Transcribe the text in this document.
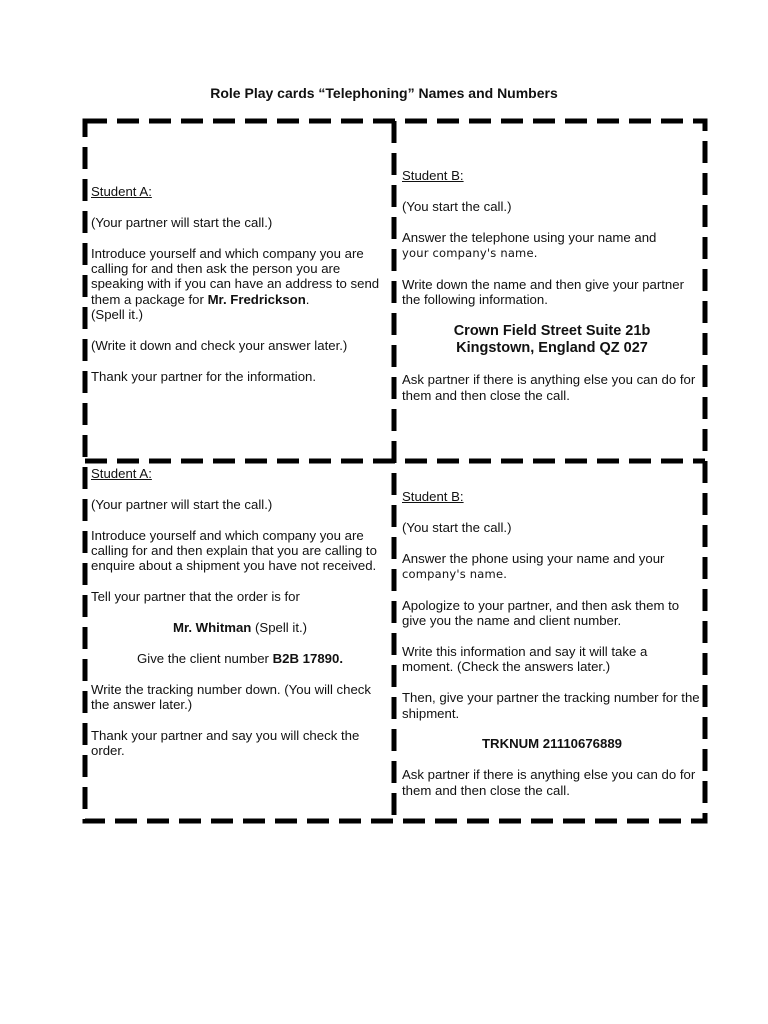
Role Play cards “Telephoning” Names and Numbers

Student A:

(Your partner will start the call.)

Introduce yourself and which company you are calling for and then ask the person you are speaking with if you can have an address to send them a package for Mr. Fredrickson.
(Spell it.)

(Write it down and check your answer later.)

Thank your partner for the information.

Student B:

(You start the call.)

Answer the telephone using your name and
your company's name.

Write down the name and then give your partner the following information.

Crown Field Street Suite 21b
Kingstown, England QZ 027

Ask partner if there is anything else you can do for them and then close the call.

Student A:

(Your partner will start the call.)

Introduce yourself and which company you are calling for and then explain that you are calling to enquire about a shipment you have not received.

Tell your partner that the order is for

Mr. Whitman (Spell it.)

Give the client number B2B 17890.

Write the tracking number down. (You will check the answer later.)

Thank your partner and say you will check the order.

Student B:

(You start the call.)

Answer the phone using your name and your
company's name.

Apologize to your partner, and then ask them to give you the name and client number.

Write this information and say it will take a moment. (Check the answers later.)

Then, give your partner the tracking number for the shipment.

TRKNUM 21110676889

Ask partner if there is anything else you can do for them and then close the call.
